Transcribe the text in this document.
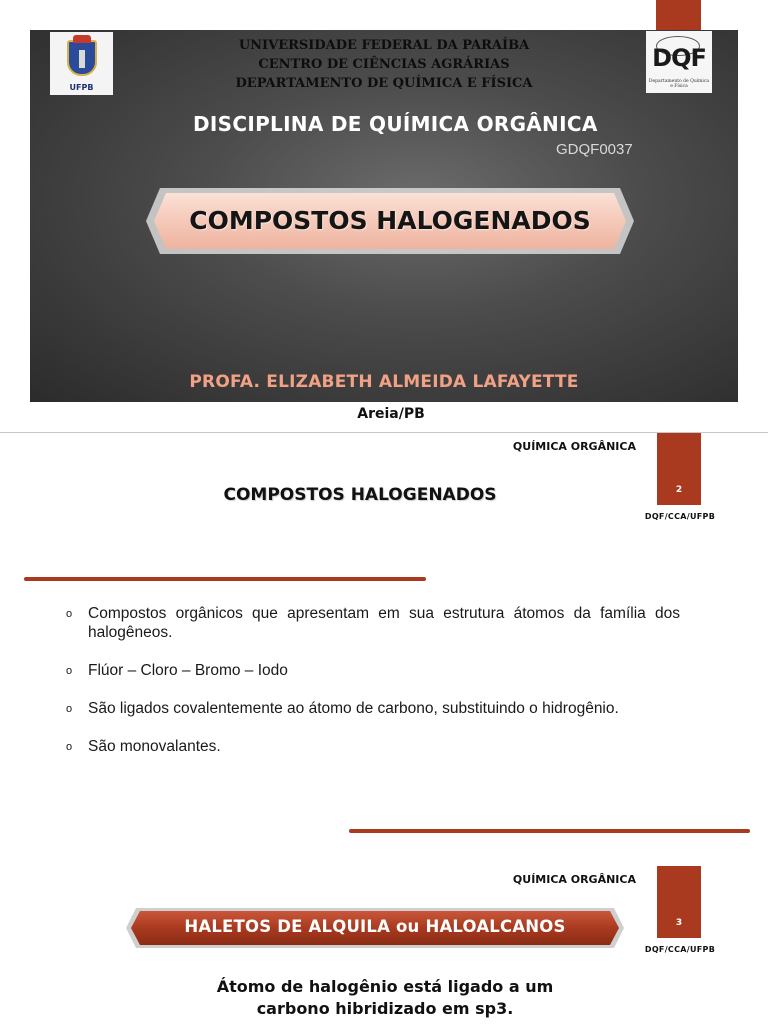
UFPB
DQF
Departamento de Química e Física
UNIVERSIDADE FEDERAL DA PARAÍBA
CENTRO DE CIÊNCIAS AGRÁRIAS
DEPARTAMENTO DE QUÍMICA E FÍSICA
DISCIPLINA DE QUÍMICA ORGÂNICA
GDQF0037
COMPOSTOS HALOGENADOS
PROFA. ELIZABETH ALMEIDA LAFAYETTE
Areia/PB
QUÍMICA ORGÂNICA
2
DQF/CCA/UFPB
COMPOSTOS HALOGENADOS
o Compostos orgânicos que apresentam em sua estrutura átomos da família dos halogêneos.
o Flúor – Cloro – Bromo – Iodo
o São ligados covalentemente ao átomo de carbono, substituindo o hidrogênio.
o São monovalantes.
QUÍMICA ORGÂNICA
3
DQF/CCA/UFPB
HALETOS DE ALQUILA ou HALOALCANOS
Átomo de halogênio está ligado a um
carbono hibridizado em sp3.
